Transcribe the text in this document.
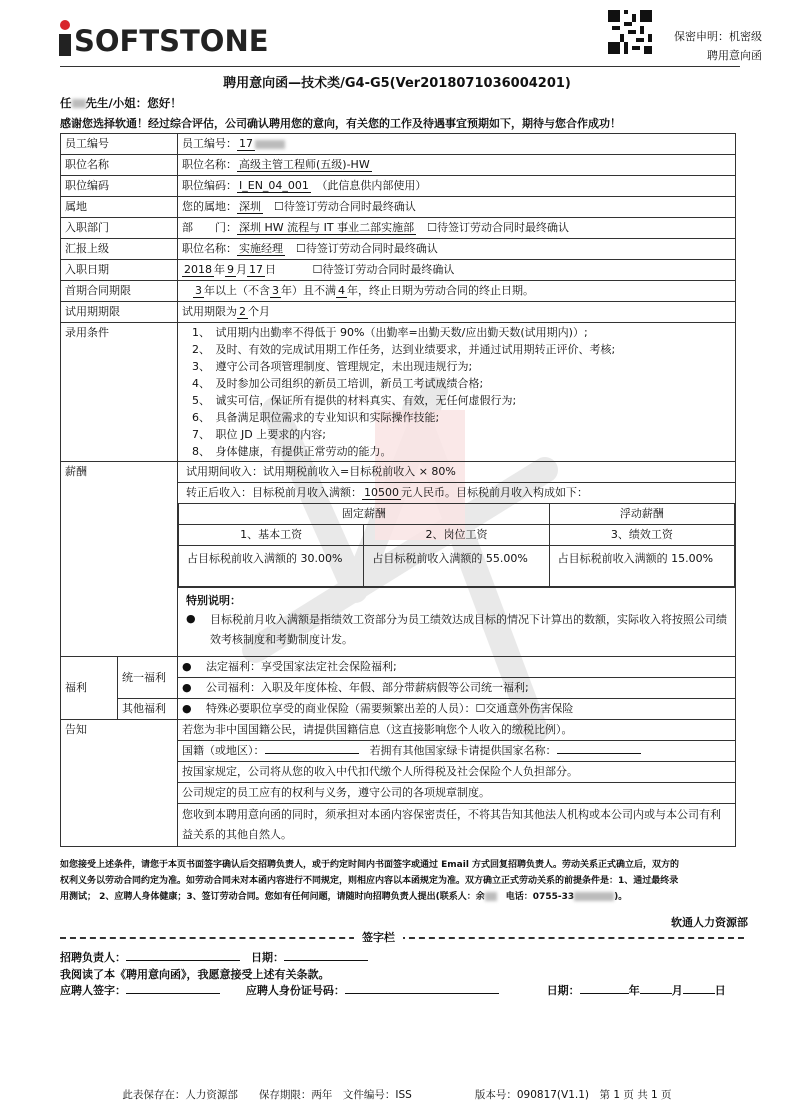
SOFTSTONE	保密申明：机密级
聘用意向函
聘用意向函—技术类/G4-G5(Ver2018071036004201)
任 先生/小姐：您好！
感谢您选择软通！经过综合评估，公司确认聘用您的意向，有关您的工作及待遇事宜预期如下，期待与您合作成功！
员工编号	员工编号： 17
职位名称	职位名称： 高级主管工程师(五级)-HW
职位编码	职位编码： I_EN_04_001　 （此信息供内部使用）
属地	您的属地： 深圳　 ☐ 待签订劳动合同时最终确认
入职部门	部　　门： 深圳 HW 流程与 IT 事业二部实施部　 ☐ 待签订劳动合同时最终确认
汇报上级	职位名称： 实施经理　 ☐ 待签订劳动合同时最终确认
入职日期	2018 年 9 月 17 日 　　　 ☐	待签订劳动合同时最终确认
首期合同期限	　3 年以上（不含 3 年）且不满 4 年，终止日期为劳动合同的终止日期。
试用期期限	试用期限为 2 个月
录用条件	1、　试用期内出勤率不得低于 90%（出勤率=出勤天数/应出勤天数(试用期内)）;
2、　及时、有效的完成试用期工作任务，达到业绩要求，并通过试用期转正评价、考核;
3、　遵守公司各项管理制度、管理规定，未出现违规行为;
4、　及时参加公司组织的新员工培训，新员工考试成绩合格;
5、　诚实可信，保证所有提供的材料真实、有效，无任何虚假行为;
6、　具备满足职位需求的专业知识和实际操作技能;
7、　职位 JD 上要求的内容;
8、　身体健康，有提供正常劳动的能力。

薪酬	试用期间收入：试用期税前收入=目标税前收入 × 80%
转正后收入：目标税前月收入满额： 10500 元人民币。目标税前月收入构成如下：
固定薪酬	浮动薪酬
1、基本工资	2、岗位工资	3、绩效工资
占目标税前收入满额的 30.00%	占目标税前收入满额的 55.00%	占目标税前收入满额的 15.00%
特别说明：
●	目标税前月收入满额是指绩效工资部分为员工绩效达成目标的情况下计算出的数额，实际收入将按照公司绩效考核制度和考勤制度计发。

福利	统一福利	● 法定福利：享受国家法定社会保险福利;
● 公司福利：入职及年度体检、年假、部分带薪病假等公司统一福利;
其他福利	● 特殊必要职位享受的商业保险（需要频繁出差的人员）： ☐ 交通意外伤害保险
告知	若您为非中国国籍公民，请提供国籍信息（这直接影响您个人收入的缴税比例）。
国籍（或地区）：　	若拥有其他国家绿卡请提供国家名称：
按国家规定，公司将从您的收入中代扣代缴个人所得税及社会保险个人负担部分。
公司规定的员工应有的权利与义务，遵守公司的各项规章制度。
您收到本聘用意向函的同时，须承担对本函内容保密责任，不将其告知其他法人机构或本公司内或与本公司有利益关系的其他自然人。
如您接受上述条件，请您于本页书面签字确认后交招聘负责人，或于约定时间内书面签字或通过 Email 方式回复招聘负责人。劳动关系正式确立后，双方的
权利义务以劳动合同约定为准。如劳动合同未对本函内容进行不同规定，则相应内容以本函规定为准。双方确立正式劳动关系的前提条件是：1、通过最终录
用测试； 2、应聘人身体健康；3、签订劳动合同。您如有任何问题，请随时向招聘负责人提出(联系人：余　 电话：0755-33	)。
软通人力资源部
签字栏
招聘负责人：　	日期：
我阅读了本《聘用意向函》，我愿意接受上述有关条款。
应聘人签字： 　　	应聘人身份证号码： 　　　　	日期：	年	月	日
此表保存在：人力资源部　　保存期限：两年　文件编号：ISS　　　　　　版本号：090817(V1.1)　第 1 页 共 1 页
